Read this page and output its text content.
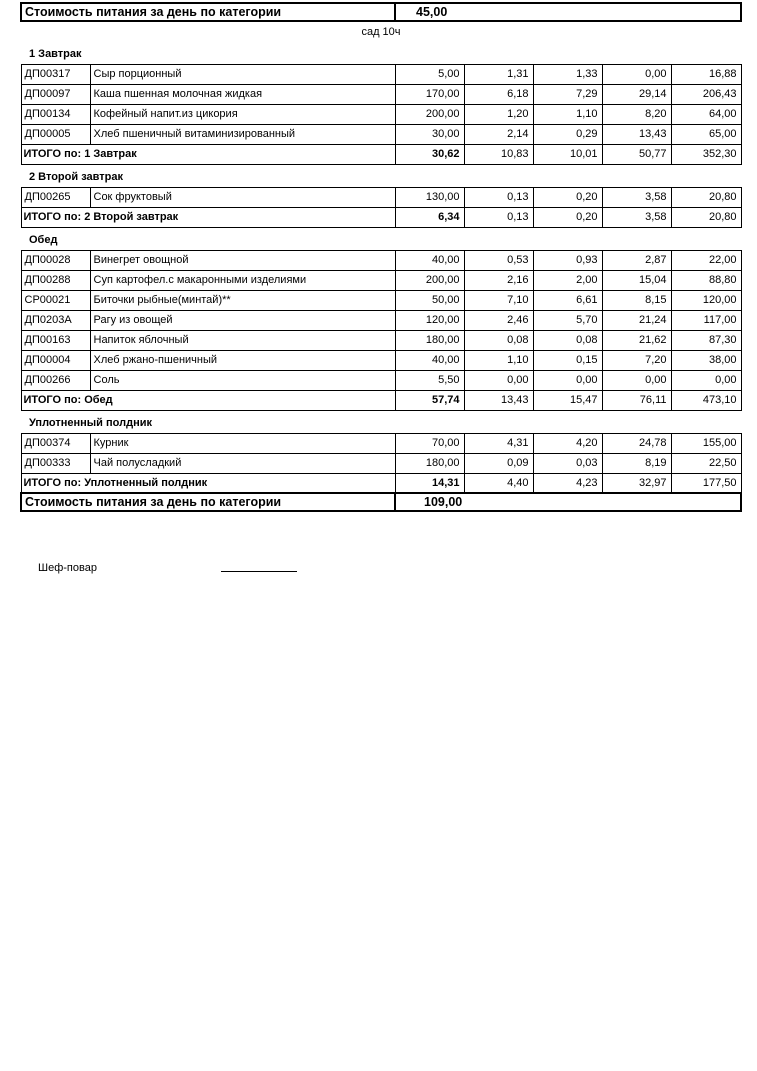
Стоимость питания за день по категории		45,00				
сад 10ч						
1 Завтрак						
ДП00317	Сыр порционный	5,00	1,31	1,33	0,00	16,88
ДП00097	Каша пшенная молочная жидкая	170,00	6,18	7,29	29,14	206,43
ДП00134	Кофейный напит.из цикория	200,00	1,20	1,10	8,20	64,00
ДП00005	Хлеб пшеничный витаминизированный	30,00	2,14	0,29	13,43	65,00
ИТОГО по: 1 Завтрак		30,62	10,83	10,01	50,77	352,30
2 Второй завтрак						
ДП00265	Сок фруктовый	130,00	0,13	0,20	3,58	20,80
ИТОГО по: 2 Второй завтрак		6,34	0,13	0,20	3,58	20,80
Обед						
ДП00028	Винегрет овощной	40,00	0,53	0,93	2,87	22,00
ДП00288	Суп картофел.с макаронными изделиями	200,00	2,16	2,00	15,04	88,80
СР00021	Биточки рыбные(минтай)**	50,00	7,10	6,61	8,15	120,00
ДП0203А	Рагу из овощей	120,00	2,46	5,70	21,24	117,00
ДП00163	Напиток яблочный	180,00	0,08	0,08	21,62	87,30
ДП00004	Хлеб ржано-пшеничный	40,00	1,10	0,15	7,20	38,00
ДП00266	Соль	5,50	0,00	0,00	0,00	0,00
ИТОГО по: Обед		57,74	13,43	15,47	76,11	473,10
Уплотненный полдник						
ДП00374	Курник	70,00	4,31	4,20	24,78	155,00
ДП00333	Чай полусладкий	180,00	0,09	0,03	8,19	22,50
ИТОГО по: Уплотненный полдник		14,31	4,40	4,23	32,97	177,50
Стоимость питания за день по категории		109,00				
Шеф-повар
